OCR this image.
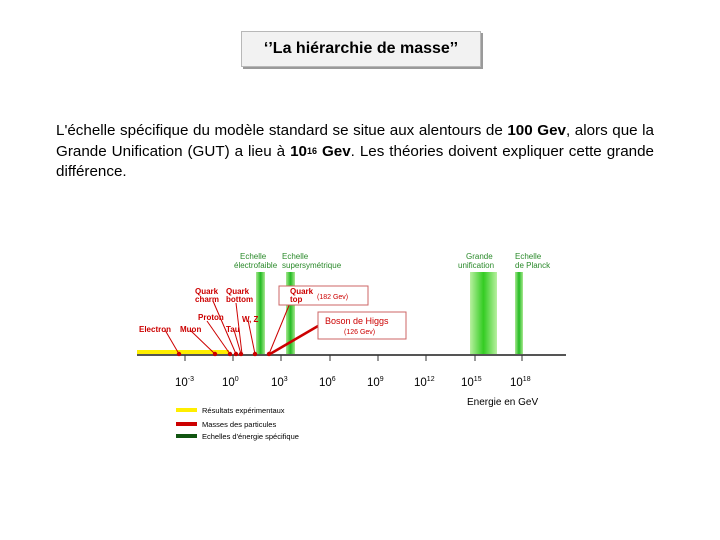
‘’La hiérarchie de masse’’
L'échelle spécifique du modèle standard se situe aux alentours de 100 Gev, alors que la Grande Unification (GUT) a lieu à $10^{16}$ Gev. Les théories doivent expliquer cette grande différence.
Echelle
électrofaible
Echelle
supersymétrique
Grande
unification
Echelle
de Planck
Electron Muon
Proton
Tau
W, Z
Quark
charm
Quark
bottom
Quark
top (182 Gev)
Boson de Higgs
(126 Gev)
$10^{-3}$ $10^0$	$10^3$	$10^6$	$10^9$	$10^{12}$ $10^{15}$ $10^{18}$
Energie en GeV
Résultats expérimentaux
Masses des particules
Echelles d'énergie spécifique
